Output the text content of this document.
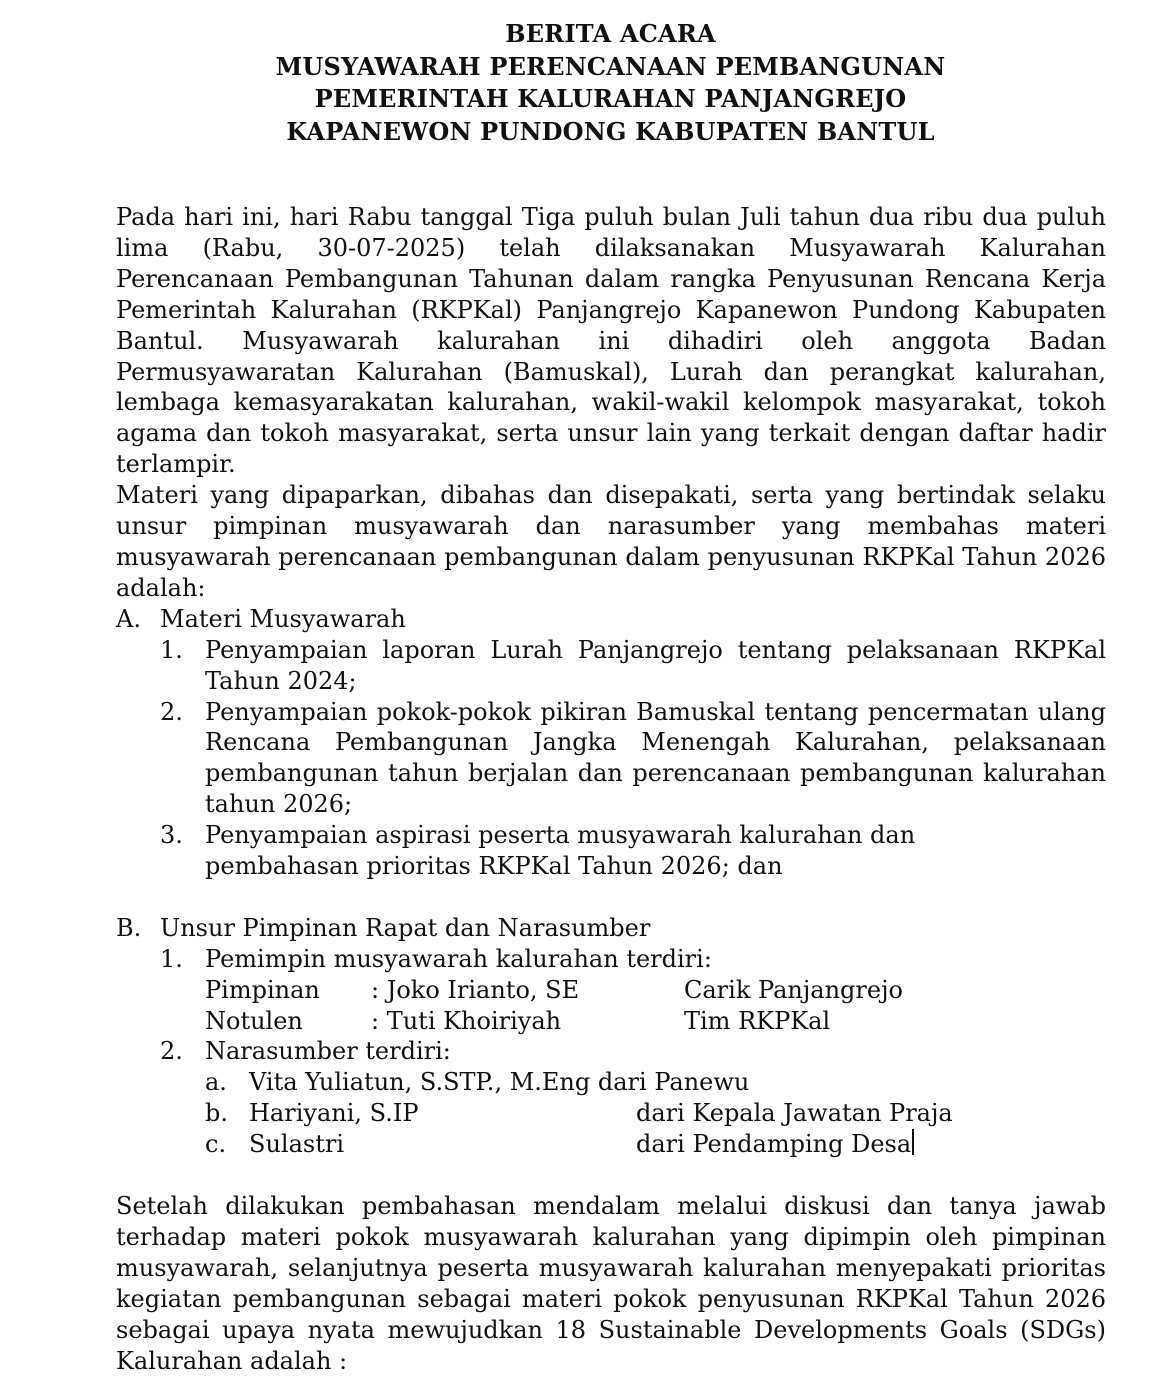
BERITA ACARA
MUSYAWARAH PERENCANAAN PEMBANGUNAN
PEMERINTAH KALURAHAN PANJANGREJO
KAPANEWON PUNDONG KABUPATEN BANTUL
Pada hari ini, hari Rabu tanggal Tiga puluh bulan Juli tahun dua ribu dua puluh lima (Rabu, 30-07-2025) telah dilaksanakan Musyawarah Kalurahan Perencanaan Pembangunan Tahunan dalam rangka Penyusunan Rencana Kerja Pemerintah Kalurahan (RKPKal) Panjangrejo Kapanewon Pundong Kabupaten Bantul. Musyawarah kalurahan ini dihadiri oleh anggota Badan Permusyawaratan Kalurahan (Bamuskal), Lurah dan perangkat kalurahan, lembaga kemasyarakatan kalurahan, wakil-wakil kelompok masyarakat, tokoh agama dan tokoh masyarakat, serta unsur lain yang terkait dengan daftar hadir terlampir.
Materi yang dipaparkan, dibahas dan disepakati, serta yang bertindak selaku unsur pimpinan musyawarah dan narasumber yang membahas materi musyawarah perencanaan pembangunan dalam penyusunan RKPKal Tahun 2026 adalah:
A. Materi Musyawarah
1. Penyampaian laporan Lurah Panjangrejo tentang pelaksanaan RKPKal Tahun 2024;
2. Penyampaian pokok-pokok pikiran Bamuskal tentang pencermatan ulang Rencana Pembangunan Jangka Menengah Kalurahan, pelaksanaan pembangunan tahun berjalan dan perencanaan pembangunan kalurahan tahun 2026;
3. Penyampaian aspirasi peserta musyawarah kalurahan dan pembahasan prioritas RKPKal Tahun 2026; dan
B. Unsur Pimpinan Rapat dan Narasumber
1. Pemimpin musyawarah kalurahan terdiri:
Pimpinan : Joko Irianto, SE	Carik Panjangrejo
Notulen	: Tuti Khoiriyah	Tim RKPKal
2. Narasumber terdiri:
a. Vita Yuliatun, S.STP., M.Eng dari Panewu
b. Hariyani, S.IP	dari Kepala Jawatan Praja
c. Sulastri	dari Pendamping Desa
Setelah dilakukan pembahasan mendalam melalui diskusi dan tanya jawab terhadap materi pokok musyawarah kalurahan yang dipimpin oleh pimpinan musyawarah, selanjutnya peserta musyawarah kalurahan menyepakati prioritas kegiatan pembangunan sebagai materi pokok penyusunan RKPKal Tahun 2026 sebagai upaya nyata mewujudkan 18 Sustainable Developments Goals (SDGs) Kalurahan adalah :
